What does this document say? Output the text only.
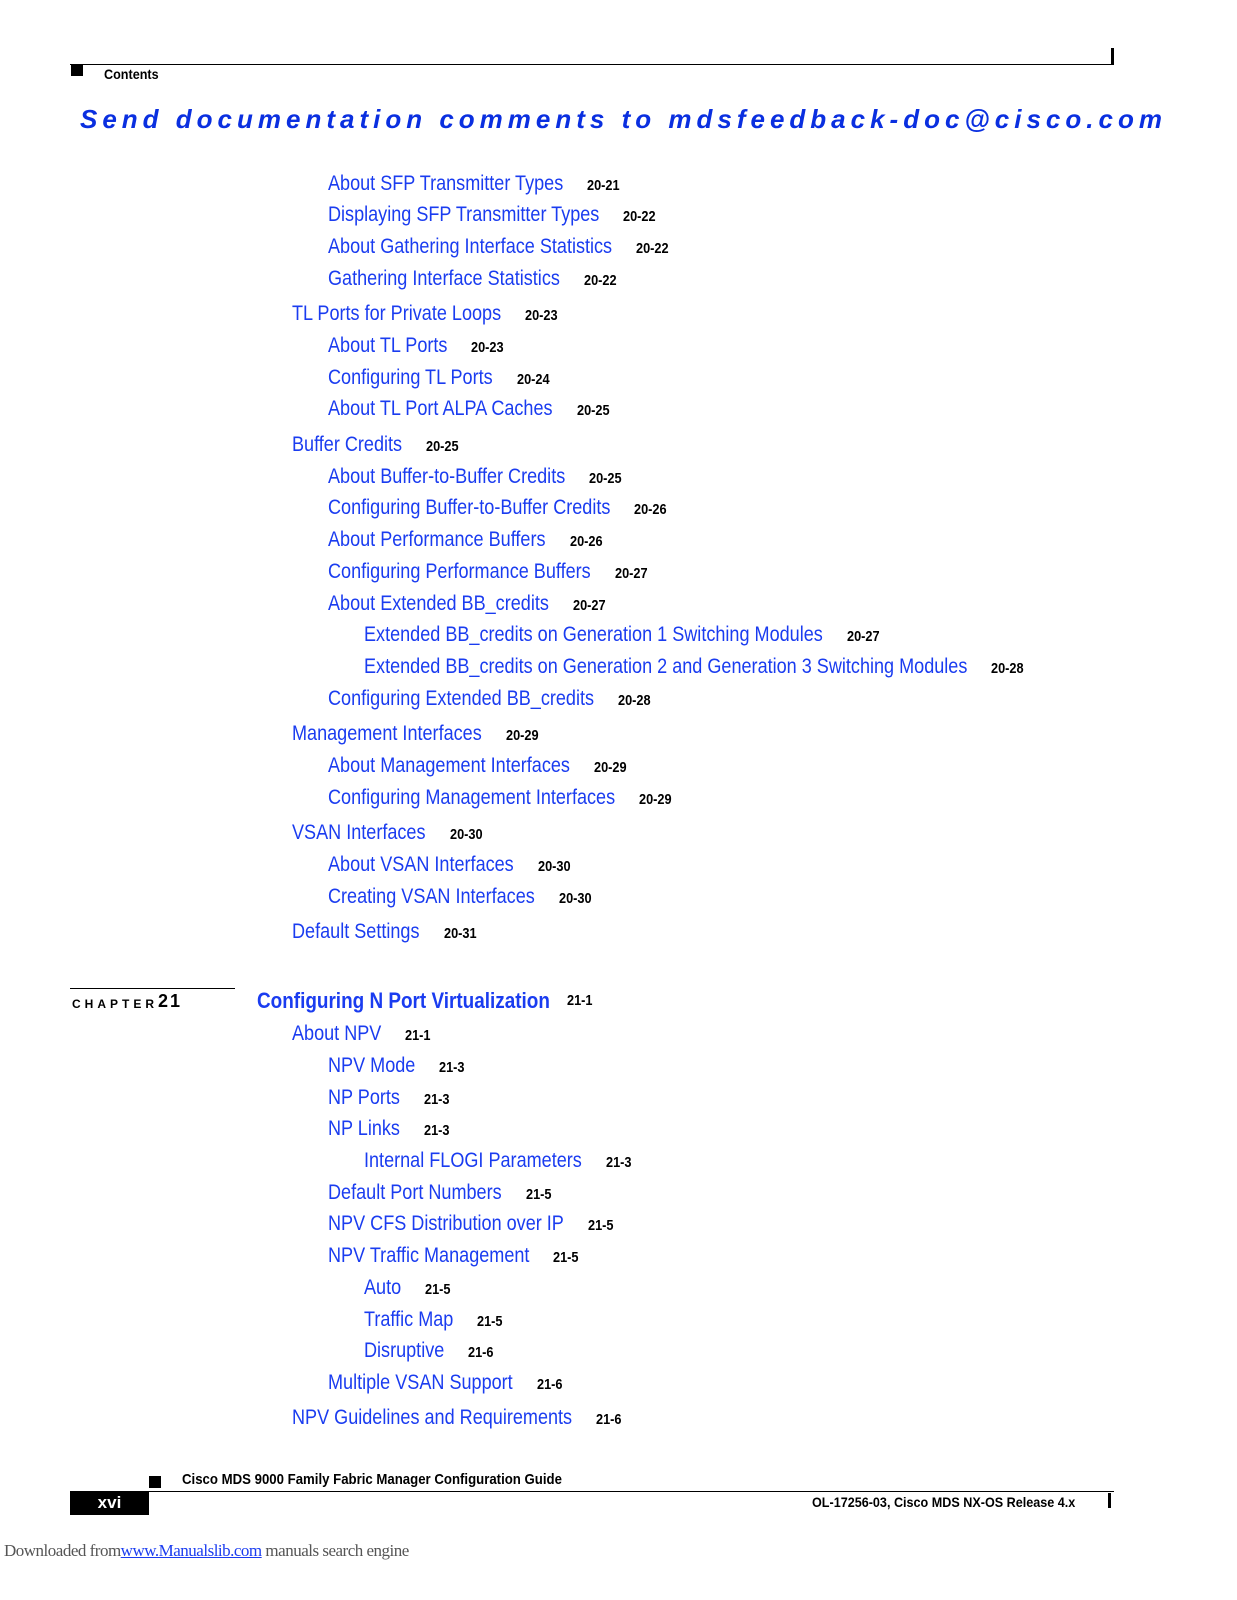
Contents
Send documentation comments to mdsfeedback-doc@cisco.com
About SFP Transmitter Types 20-21
Displaying SFP Transmitter Types 20-22
About Gathering Interface Statistics 20-22
Gathering Interface Statistics 20-22
TL Ports for Private Loops 20-23
About TL Ports 20-23
Configuring TL Ports 20-24
About TL Port ALPA Caches 20-25
Buffer Credits 20-25
About Buffer-to-Buffer Credits 20-25
Configuring Buffer-to-Buffer Credits 20-26
About Performance Buffers 20-26
Configuring Performance Buffers 20-27
About Extended BB_credits 20-27
Extended BB_credits on Generation 1 Switching Modules 20-27
Extended BB_credits on Generation 2 and Generation 3 Switching Modules 20-28
Configuring Extended BB_credits 20-28
Management Interfaces 20-29
About Management Interfaces 20-29
Configuring Management Interfaces 20-29
VSAN Interfaces 20-30
About VSAN Interfaces 20-30
Creating VSAN Interfaces 20-30
Default Settings 20-31
CHAPTER 21	Configuring N Port Virtualization 21-1
About NPV 21-1
NPV Mode 21-3
NP Ports 21-3
NP Links 21-3
Internal FLOGI Parameters 21-3
Default Port Numbers 21-5
NPV CFS Distribution over IP 21-5
NPV Traffic Management 21-5
Auto 21-5
Traffic Map 21-5
Disruptive 21-6
Multiple VSAN Support 21-6
NPV Guidelines and Requirements 21-6
Cisco MDS 9000 Family Fabric Manager Configuration Guide
xvi	OL-17256-03, Cisco MDS NX-OS Release 4.x
Downloaded fromwww.Manualslib.com manuals search engine
